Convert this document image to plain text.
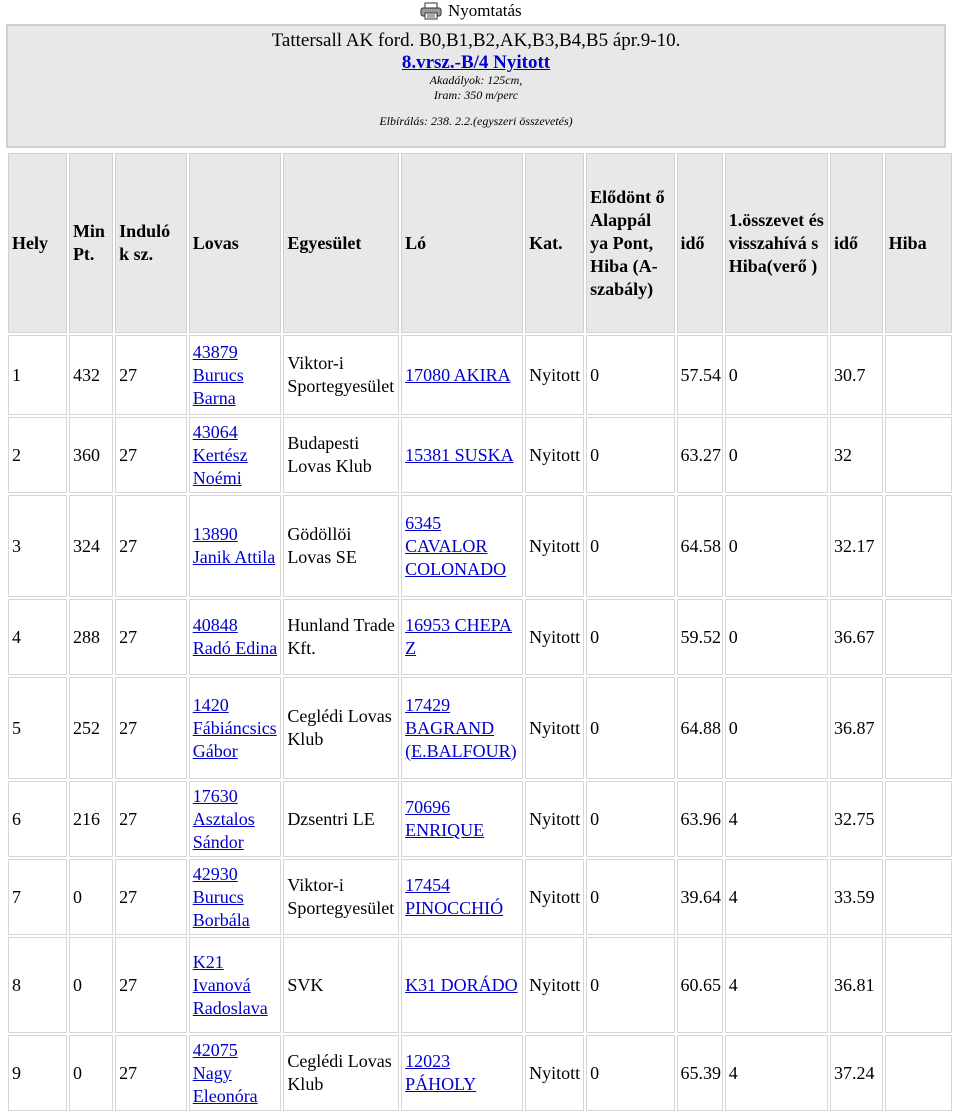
Nyomtatás
Tattersall AK ford. B0,B1,B2,AK,B3,B4,B5 ápr.9-10.
8.vrsz.-B/4 Nyitott
Akadályok: 125cm,
Iram: 350 m/perc
Elbírálás: 238. 2.2.(egyszeri összevetés)
Hely	Min Pt.	Induló k sz.	Lovas	Egyesület	Ló	Kat.	Elődönt ő Alappál ya Pont, Hiba (A-szabály)	idő	1.összevet és visszahívá s Hiba(verő )	idő	Hiba
1	432	27	43879 Burucs Barna	Viktor-i Sportegyesület	17080 AKIRA	Nyitott	0	57.54	0	30.7	
2	360	27	43064 Kertész Noémi	Budapesti Lovas Klub	15381 SUSKA	Nyitott	0	63.27	0	32	
3	324	27	13890 Janik Attila	Gödöllöi Lovas SE	6345 CAVALOR COLONADO	Nyitott	0	64.58	0	32.17	
4	288	27	40848 Radó Edina	Hunland Trade Kft.	16953 CHEPA Z	Nyitott	0	59.52	0	36.67	
5	252	27	1420 Fábiáncsics Gábor	Ceglédi Lovas Klub	17429 BAGRAND (E.BALFOUR)	Nyitott	0	64.88	0	36.87	
6	216	27	17630 Asztalos Sándor	Dzsentri LE	70696 ENRIQUE	Nyitott	0	63.96	4	32.75	
7	0	27	42930 Burucs Borbála	Viktor-i Sportegyesület	17454 PINOCCHIÓ	Nyitott	0	39.64	4	33.59	
8	0	27	K21 Ivanová Radoslava	SVK	K31 DORÁDO	Nyitott	0	60.65	4	36.81	
9	0	27	42075 Nagy Eleonóra	Ceglédi Lovas Klub	12023 PÁHOLY	Nyitott	0	65.39	4	37.24	
